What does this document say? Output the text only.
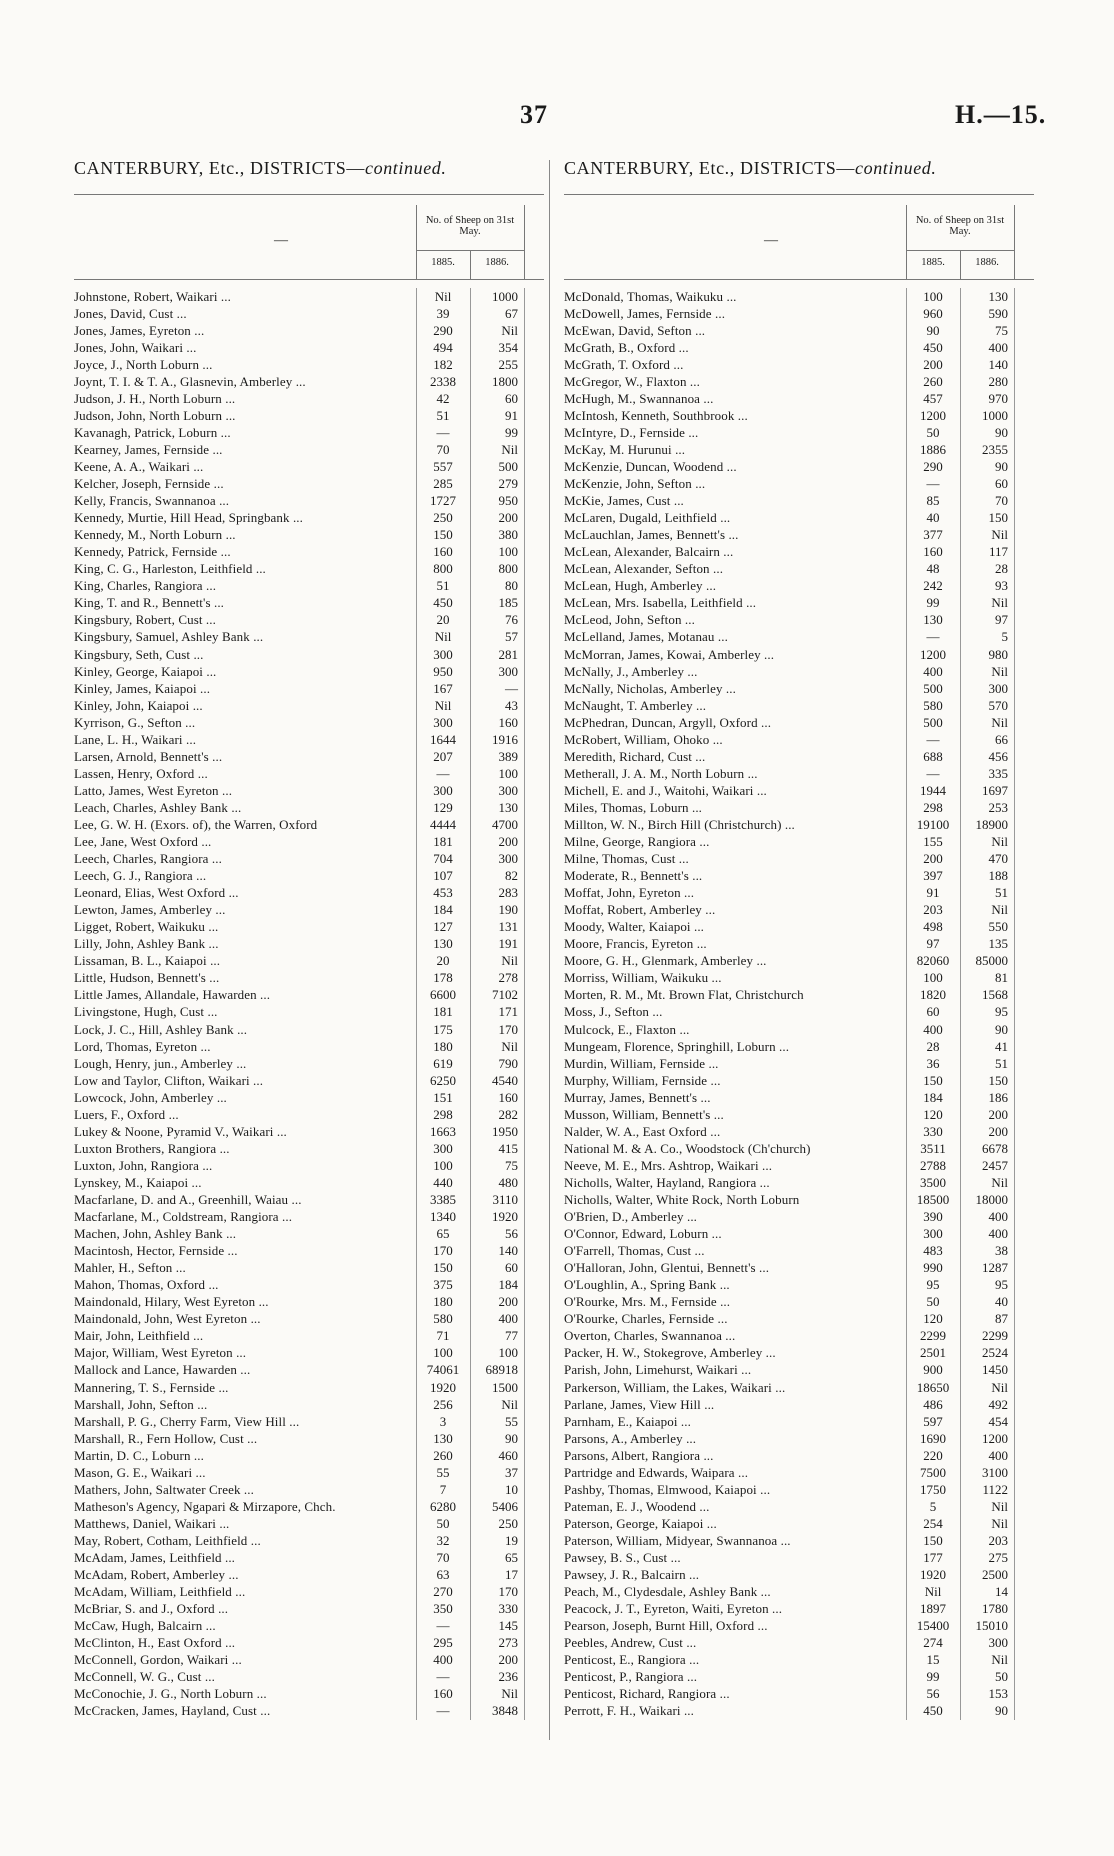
37	H.—15.
CANTERBURY, Etc., DISTRICTS—continued.
—
No. of Sheep on 31st May.
1885.	1886.
Johnstone, Robert, Waikari ...	Nil	1000
Jones, David, Cust ...	39	67
Jones, James, Eyreton ...	290	Nil
Jones, John, Waikari ...	494	354
Joyce, J., North Loburn ...	182	255
Joynt, T. I. & T. A., Glasnevin, Amberley ...	2338	1800
Judson, J. H., North Loburn ...	42	60
Judson, John, North Loburn ...	51	91
Kavanagh, Patrick, Loburn ...	—	99
Kearney, James, Fernside ...	70	Nil
Keene, A. A., Waikari ...	557	500
Kelcher, Joseph, Fernside ...	285	279
Kelly, Francis, Swannanoa ...	1727	950
Kennedy, Murtie, Hill Head, Springbank ...	250	200
Kennedy, M., North Loburn ...	150	380
Kennedy, Patrick, Fernside ...	160	100
King, C. G., Harleston, Leithfield ...	800	800
King, Charles, Rangiora ...	51	80
King, T. and R., Bennett's ...	450	185
Kingsbury, Robert, Cust ...	20	76
Kingsbury, Samuel, Ashley Bank ...	Nil	57
Kingsbury, Seth, Cust ...	300	281
Kinley, George, Kaiapoi ...	950	300
Kinley, James, Kaiapoi ...	167	—
Kinley, John, Kaiapoi ...	Nil	43
Kyrrison, G., Sefton ...	300	160
Lane, L. H., Waikari ...	1644	1916
Larsen, Arnold, Bennett's ...	207	389
Lassen, Henry, Oxford ...	—	100
Latto, James, West Eyreton ...	300	300
Leach, Charles, Ashley Bank ...	129	130
Lee, G. W. H. (Exors. of), the Warren, Oxford	4444	4700
Lee, Jane, West Oxford ...	181	200
Leech, Charles, Rangiora ...	704	300
Leech, G. J., Rangiora ...	107	82
Leonard, Elias, West Oxford ...	453	283
Lewton, James, Amberley ...	184	190
Ligget, Robert, Waikuku ...	127	131
Lilly, John, Ashley Bank ...	130	191
Lissaman, B. L., Kaiapoi ...	20	Nil
Little, Hudson, Bennett's ...	178	278
Little James, Allandale, Hawarden ...	6600	7102
Livingstone, Hugh, Cust ...	181	171
Lock, J. C., Hill, Ashley Bank ...	175	170
Lord, Thomas, Eyreton ...	180	Nil
Lough, Henry, jun., Amberley ...	619	790
Low and Taylor, Clifton, Waikari ...	6250	4540
Lowcock, John, Amberley ...	151	160
Luers, F., Oxford ...	298	282
Lukey & Noone, Pyramid V., Waikari ...	1663	1950
Luxton Brothers, Rangiora ...	300	415
Luxton, John, Rangiora ...	100	75
Lynskey, M., Kaiapoi ...	440	480
Macfarlane, D. and A., Greenhill, Waiau ...	3385	3110
Macfarlane, M., Coldstream, Rangiora ...	1340	1920
Machen, John, Ashley Bank ...	65	56
Macintosh, Hector, Fernside ...	170	140
Mahler, H., Sefton ...	150	60
Mahon, Thomas, Oxford ...	375	184
Maindonald, Hilary, West Eyreton ...	180	200
Maindonald, John, West Eyreton ...	580	400
Mair, John, Leithfield ...	71	77
Major, William, West Eyreton ...	100	100
Mallock and Lance, Hawarden ...	74061	68918
Mannering, T. S., Fernside ...	1920	1500
Marshall, John, Sefton ...	256	Nil
Marshall, P. G., Cherry Farm, View Hill ...	3	55
Marshall, R., Fern Hollow, Cust ...	130	90
Martin, D. C., Loburn ...	260	460
Mason, G. E., Waikari ...	55	37
Mathers, John, Saltwater Creek ...	7	10
Matheson's Agency, Ngapari & Mirzapore, Chch.	6280	5406
Matthews, Daniel, Waikari ...	50	250
May, Robert, Cotham, Leithfield ...	32	19
McAdam, James, Leithfield ...	70	65
McAdam, Robert, Amberley ...	63	17
McAdam, William, Leithfield ...	270	170
McBriar, S. and J., Oxford ...	350	330
McCaw, Hugh, Balcairn ...	—	145
McClinton, H., East Oxford ...	295	273
McConnell, Gordon, Waikari ...	400	200
McConnell, W. G., Cust ...	—	236
McConochie, J. G., North Loburn ...	160	Nil
McCracken, James, Hayland, Cust ...	—	3848
CANTERBURY, Etc., DISTRICTS—continued.
—
No. of Sheep on 31st May.
1885.	1886.
McDonald, Thomas, Waikuku ...	100	130
McDowell, James, Fernside ...	960	590
McEwan, David, Sefton ...	90	75
McGrath, B., Oxford ...	450	400
McGrath, T. Oxford ...	200	140
McGregor, W., Flaxton ...	260	280
McHugh, M., Swannanoa ...	457	970
McIntosh, Kenneth, Southbrook ...	1200	1000
McIntyre, D., Fernside ...	50	90
McKay, M. Hurunui ...	1886	2355
McKenzie, Duncan, Woodend ...	290	90
McKenzie, John, Sefton ...	—	60
McKie, James, Cust ...	85	70
McLaren, Dugald, Leithfield ...	40	150
McLauchlan, James, Bennett's ...	377	Nil
McLean, Alexander, Balcairn ...	160	117
McLean, Alexander, Sefton ...	48	28
McLean, Hugh, Amberley ...	242	93
McLean, Mrs. Isabella, Leithfield ...	99	Nil
McLeod, John, Sefton ...	130	97
McLelland, James, Motanau ...	—	5
McMorran, James, Kowai, Amberley ...	1200	980
McNally, J., Amberley ...	400	Nil
McNally, Nicholas, Amberley ...	500	300
McNaught, T. Amberley ...	580	570
McPhedran, Duncan, Argyll, Oxford ...	500	Nil
McRobert, William, Ohoko ...	—	66
Meredith, Richard, Cust ...	688	456
Metherall, J. A. M., North Loburn ...	—	335
Michell, E. and J., Waitohi, Waikari ...	1944	1697
Miles, Thomas, Loburn ...	298	253
Millton, W. N., Birch Hill (Christchurch) ...	19100	18900
Milne, George, Rangiora ...	155	Nil
Milne, Thomas, Cust ...	200	470
Moderate, R., Bennett's ...	397	188
Moffat, John, Eyreton ...	91	51
Moffat, Robert, Amberley ...	203	Nil
Moody, Walter, Kaiapoi ...	498	550
Moore, Francis, Eyreton ...	97	135
Moore, G. H., Glenmark, Amberley ...	82060	85000
Morriss, William, Waikuku ...	100	81
Morten, R. M., Mt. Brown Flat, Christchurch	1820	1568
Moss, J., Sefton ...	60	95
Mulcock, E., Flaxton ...	400	90
Mungeam, Florence, Springhill, Loburn ...	28	41
Murdin, William, Fernside ...	36	51
Murphy, William, Fernside ...	150	150
Murray, James, Bennett's ...	184	186
Musson, William, Bennett's ...	120	200
Nalder, W. A., East Oxford ...	330	200
National M. & A. Co., Woodstock (Ch'church)	3511	6678
Neeve, M. E., Mrs. Ashtrop, Waikari ...	2788	2457
Nicholls, Walter, Hayland, Rangiora ...	3500	Nil
Nicholls, Walter, White Rock, North Loburn	18500	18000
O'Brien, D., Amberley ...	390	400
O'Connor, Edward, Loburn ...	300	400
O'Farrell, Thomas, Cust ...	483	38
O'Halloran, John, Glentui, Bennett's ...	990	1287
O'Loughlin, A., Spring Bank ...	95	95
O'Rourke, Mrs. M., Fernside ...	50	40
O'Rourke, Charles, Fernside ...	120	87
Overton, Charles, Swannanoa ...	2299	2299
Packer, H. W., Stokegrove, Amberley ...	2501	2524
Parish, John, Limehurst, Waikari ...	900	1450
Parkerson, William, the Lakes, Waikari ...	18650	Nil
Parlane, James, View Hill ...	486	492
Parnham, E., Kaiapoi ...	597	454
Parsons, A., Amberley ...	1690	1200
Parsons, Albert, Rangiora ...	220	400
Partridge and Edwards, Waipara ...	7500	3100
Pashby, Thomas, Elmwood, Kaiapoi ...	1750	1122
Pateman, E. J., Woodend ...	5	Nil
Paterson, George, Kaiapoi ...	254	Nil
Paterson, William, Midyear, Swannanoa ...	150	203
Pawsey, B. S., Cust ...	177	275
Pawsey, J. R., Balcairn ...	1920	2500
Peach, M., Clydesdale, Ashley Bank ...	Nil	14
Peacock, J. T., Eyreton, Waiti, Eyreton ...	1897	1780
Pearson, Joseph, Burnt Hill, Oxford ...	15400	15010
Peebles, Andrew, Cust ...	274	300
Penticost, E., Rangiora ...	15	Nil
Penticost, P., Rangiora ...	99	50
Penticost, Richard, Rangiora ...	56	153
Perrott, F. H., Waikari ...	450	90
